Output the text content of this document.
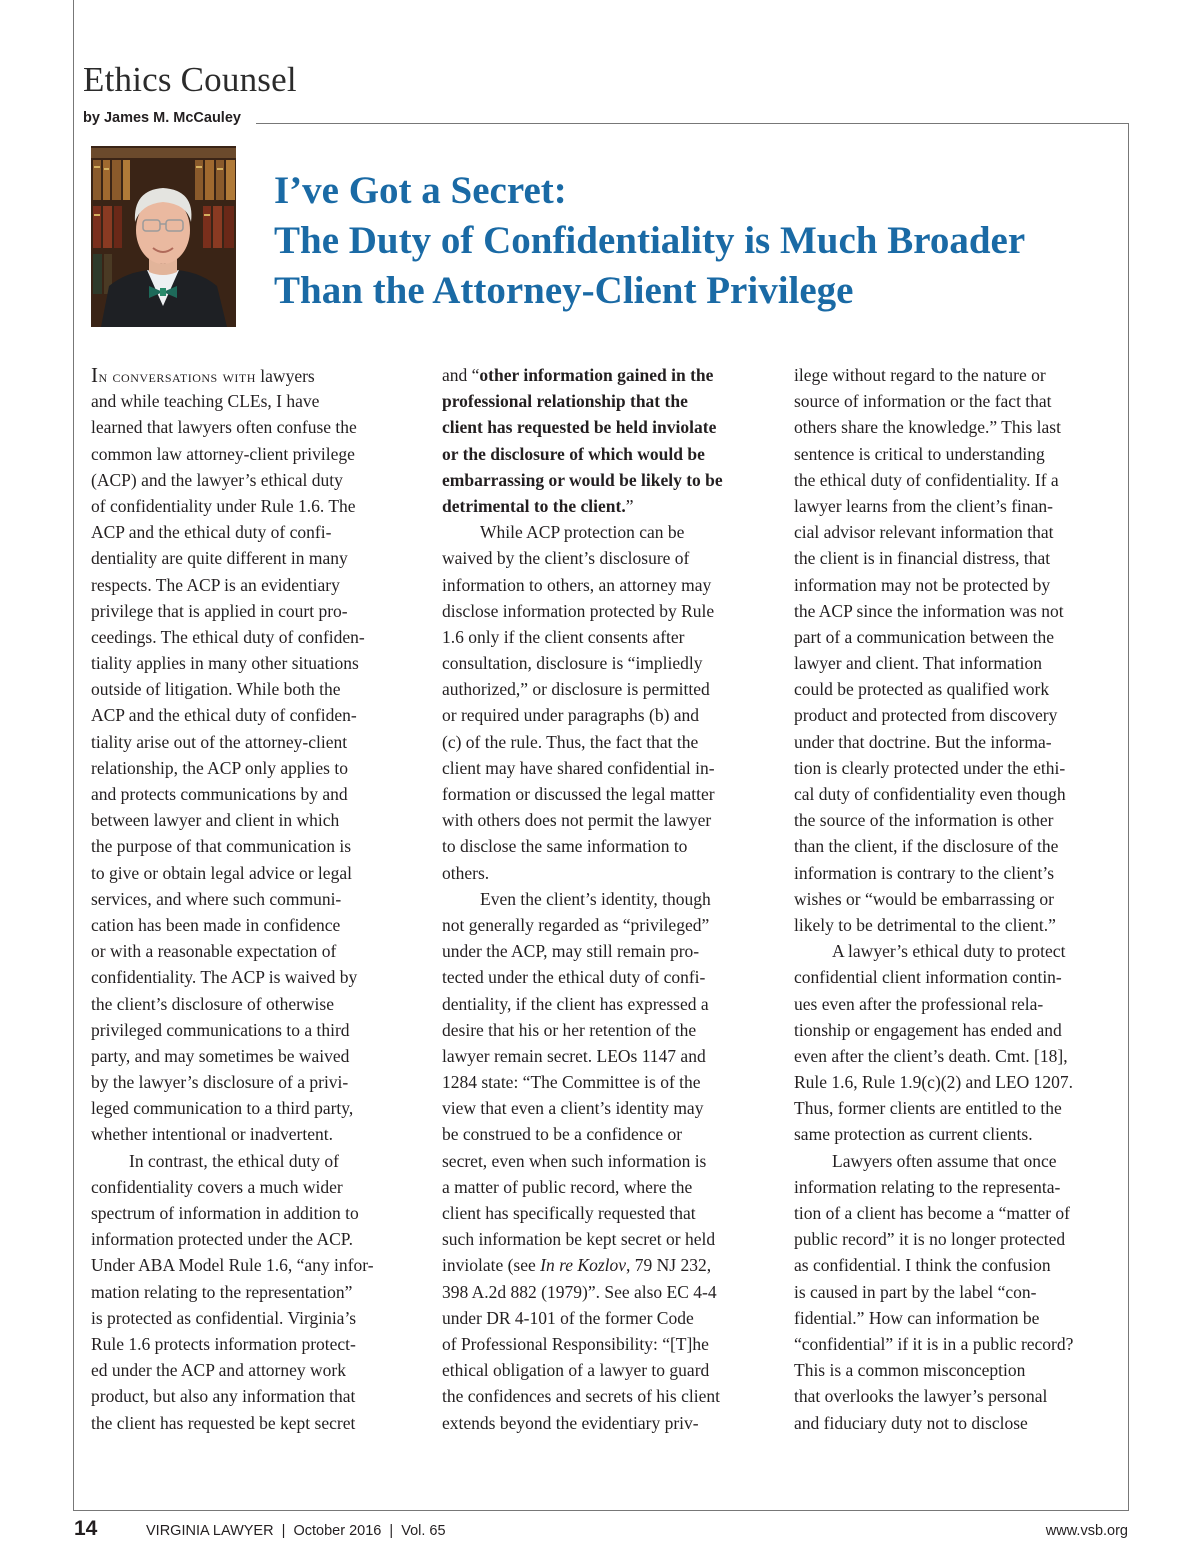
Ethics Counsel
by James M. McCauley
I’ve Got a Secret:
The Duty of Confidentiality is Much Broader
Than the Attorney-Client Privilege
In conversations with lawyers
and while teaching CLEs, I have
learned that lawyers often confuse the
common law attorney-client privilege
(ACP) and the lawyer’s ethical duty
of confidentiality under Rule 1.6. The
ACP and the ethical duty of confi-
dentiality are quite different in many
respects. The ACP is an evidentiary
privilege that is applied in court pro-
ceedings. The ethical duty of confiden-
tiality applies in many other situations
outside of litigation. While both the
ACP and the ethical duty of confiden-
tiality arise out of the attorney-client
relationship, the ACP only applies to
and protects communications by and
between lawyer and client in which
the purpose of that communication is
to give or obtain legal advice or legal
services, and where such communi-
cation has been made in confidence
or with a reasonable expectation of
confidentiality. The ACP is waived by
the client’s disclosure of otherwise
privileged communications to a third
party, and may sometimes be waived
by the lawyer’s disclosure of a privi-
leged communication to a third party,
whether intentional or inadvertent.
In contrast, the ethical duty of
confidentiality covers a much wider
spectrum of information in addition to
information protected under the ACP.
Under ABA Model Rule 1.6, “any infor-
mation relating to the representation”
is protected as confidential. Virginia’s
Rule 1.6 protects information protect-
ed under the ACP and attorney work
product, but also any information that
the client has requested be kept secret
and “other information gained in the
professional relationship that the
client has requested be held inviolate
or the disclosure of which would be
embarrassing or would be likely to be
detrimental to the client.”
While ACP protection can be
waived by the client’s disclosure of
information to others, an attorney may
disclose information protected by Rule
1.6 only if the client consents after
consultation, disclosure is “impliedly
authorized,” or disclosure is permitted
or required under paragraphs (b) and
(c) of the rule. Thus, the fact that the
client may have shared confidential in-
formation or discussed the legal matter
with others does not permit the lawyer
to disclose the same information to
others.
Even the client’s identity, though
not generally regarded as “privileged”
under the ACP, may still remain pro-
tected under the ethical duty of confi-
dentiality, if the client has expressed a
desire that his or her retention of the
lawyer remain secret. LEOs 1147 and
1284 state: “The Committee is of the
view that even a client’s identity may
be construed to be a confidence or
secret, even when such information is
a matter of public record, where the
client has specifically requested that
such information be kept secret or held
inviolate (see In re Kozlov, 79 NJ 232,
398 A.2d 882 (1979)”. See also EC 4-4
under DR 4-101 of the former Code
of Professional Responsibility: “[T]he
ethical obligation of a lawyer to guard
the confidences and secrets of his client
extends beyond the evidentiary priv-
ilege without regard to the nature or
source of information or the fact that
others share the knowledge.” This last
sentence is critical to understanding
the ethical duty of confidentiality. If a
lawyer learns from the client’s finan-
cial advisor relevant information that
the client is in financial distress, that
information may not be protected by
the ACP since the information was not
part of a communication between the
lawyer and client. That information
could be protected as qualified work
product and protected from discovery
under that doctrine. But the informa-
tion is clearly protected under the ethi-
cal duty of confidentiality even though
the source of the information is other
than the client, if the disclosure of the
information is contrary to the client’s
wishes or “would be embarrassing or
likely to be detrimental to the client.”
A lawyer’s ethical duty to protect
confidential client information contin-
ues even after the professional rela-
tionship or engagement has ended and
even after the client’s death. Cmt. [18],
Rule 1.6, Rule 1.9(c)(2) and LEO 1207.
Thus, former clients are entitled to the
same protection as current clients.
Lawyers often assume that once
information relating to the representa-
tion of a client has become a “matter of
public record” it is no longer protected
as confidential. I think the confusion
is caused in part by the label “con-
fidential.” How can information be
“confidential” if it is in a public record?
This is a common misconception
that overlooks the lawyer’s personal
and fiduciary duty not to disclose
14	VIRGINIA LAWYER  |  October 2016  |  Vol. 65	www.vsb.org
